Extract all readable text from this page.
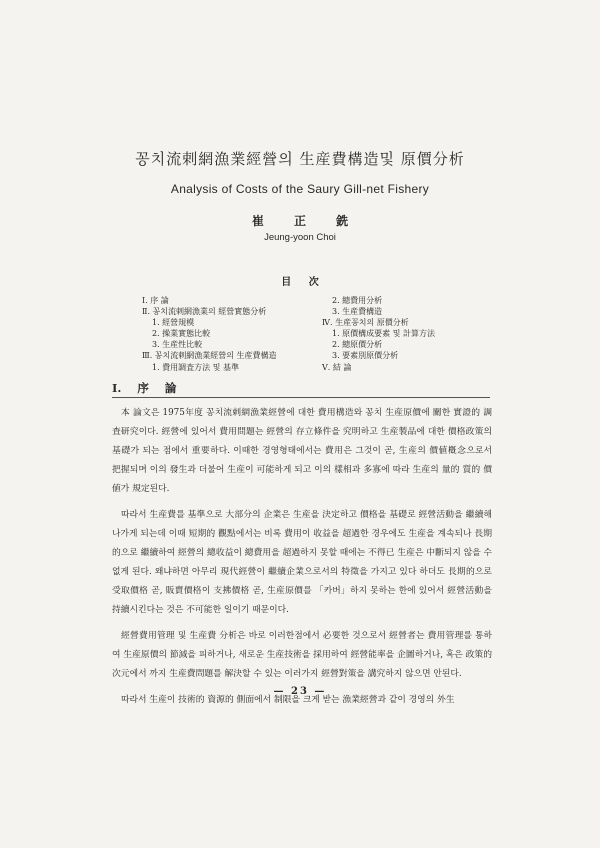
꽁치流剌網漁業經營의 生産費構造및 原價分析
Analysis of Costs of the Saury Gill-net Fishery
崔 正 銑
Jeung-yoon Choi
目 次
Ⅰ. 序 論
Ⅱ. 꽁치流剌網漁業의 經營實態分析
1. 經營規模
2. 操業實態比較
3. 生産性比較
Ⅲ. 꽁치流剌網漁業經營의 生産費構造
1. 費用調査方法 및 基準
2. 總費用分析
3. 生産費構造
Ⅳ. 生産꽁치의 原價分析
1. 原價構成要素 및 計算方法
2. 總原價分析
3. 要素別原價分析
Ⅴ. 結 論
Ⅰ. 序 論

本 論文은 1975年度 꽁치流剌網漁業經營에 대한 費用構造와 꽁치 生産原價에 關한 實證的 調査研究이다. 經營에 있어서 費用問題는 經營의 存立條件을 究明하고 生産製品에 대한 價格政策의 基礎가 되는 점에서 重要하다. 이때한 경영형태에서는 費用은 그것이 곧, 生産의 價値槪念으로서 把握되며 이의 發生과 더불어 生産이 可能하게 되고 이의 樣相과 多寡에 따라 生産의 量的 質的 價値가 規定된다.

따라서 生産費를 基準으로 大部分의 企業은 生産을 決定하고 價格을 基礎로 經營活動을 繼續해 나가게 되는데 이때 短期的 觀點에서는 비록 費用이 收益을 超過한 경우에도 生産을 계속되나 長期的으로 繼續하여 經營의 總收益이 總費用을 超過하지 못할 때에는 不得已 生産은 中斷되지 않을 수 없게 된다. 왜냐하면 아무리 現代經營이 繼續企業으로서의 特徵을 가지고 있다 하더도 長期的으로 受取價格 곧, 販賣價格이 支拂價格 곧, 生産原價를 「카버」하지 못하는 한에 있어서 經營活動을 持續시킨다는 것은 不可能한 일이기 때문이다.

經營費用管理 및 生産費 分析은 바로 이러한점에서 必要한 것으로서 經營者는 費用管理를 통하여 生産原價의 節減을 피하거나, 새로운 生産技術을 採用하여 經營能率을 企圖하거나, 혹은 政策的 次元에서 까지 生産費問題를 解決할 수 있는 이러가지 經營對策을 講究하지 않으면 안된다.

따라서 生産이 技術的 資源的 側面에서 制限을 크게 받는 漁業經營과 같이 경영의 外生

— 23 —
